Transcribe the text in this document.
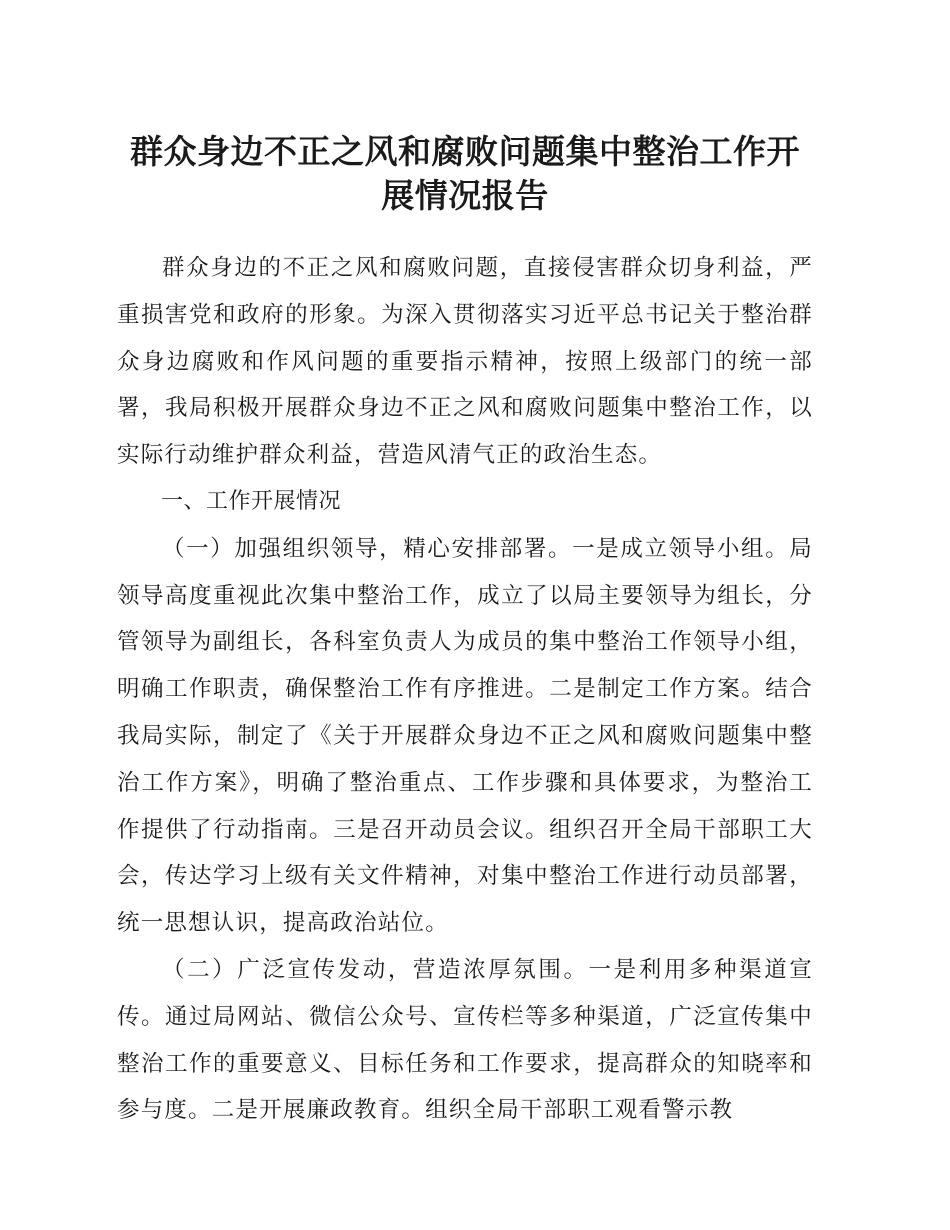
群众身边不正之风和腐败问题集中整治工作开
展情况报告

群众身边的不正之风和腐败问题，直接侵害群众切身利益，严重损害党和政府的形象。为深入贯彻落实习近平总书记关于整治群众身边腐败和作风问题的重要指示精神，按照上级部门的统一部署，我局积极开展群众身边不正之风和腐败问题集中整治工作，以实际行动维护群众利益，营造风清气正的政治生态。

一、工作开展情况

（一）加强组织领导，精心安排部署。一是成立领导小组。局领导高度重视此次集中整治工作，成立了以局主要领导为组长，分管领导为副组长，各科室负责人为成员的集中整治工作领导小组，明确工作职责，确保整治工作有序推进。二是制定工作方案。结合我局实际，制定了《关于开展群众身边不正之风和腐败问题集中整治工作方案》，明确了整治重点、工作步骤和具体要求，为整治工作提供了行动指南。三是召开动员会议。组织召开全局干部职工大会，传达学习上级有关文件精神，对集中整治工作进行动员部署，统一思想认识，提高政治站位。

（二）广泛宣传发动，营造浓厚氛围。一是利用多种渠道宣传。通过局网站、微信公众号、宣传栏等多种渠道，广泛宣传集中整治工作的重要意义、目标任务和工作要求，提高群众的知晓率和参与度。二是开展廉政教育。组织全局干部职工观看警示教
